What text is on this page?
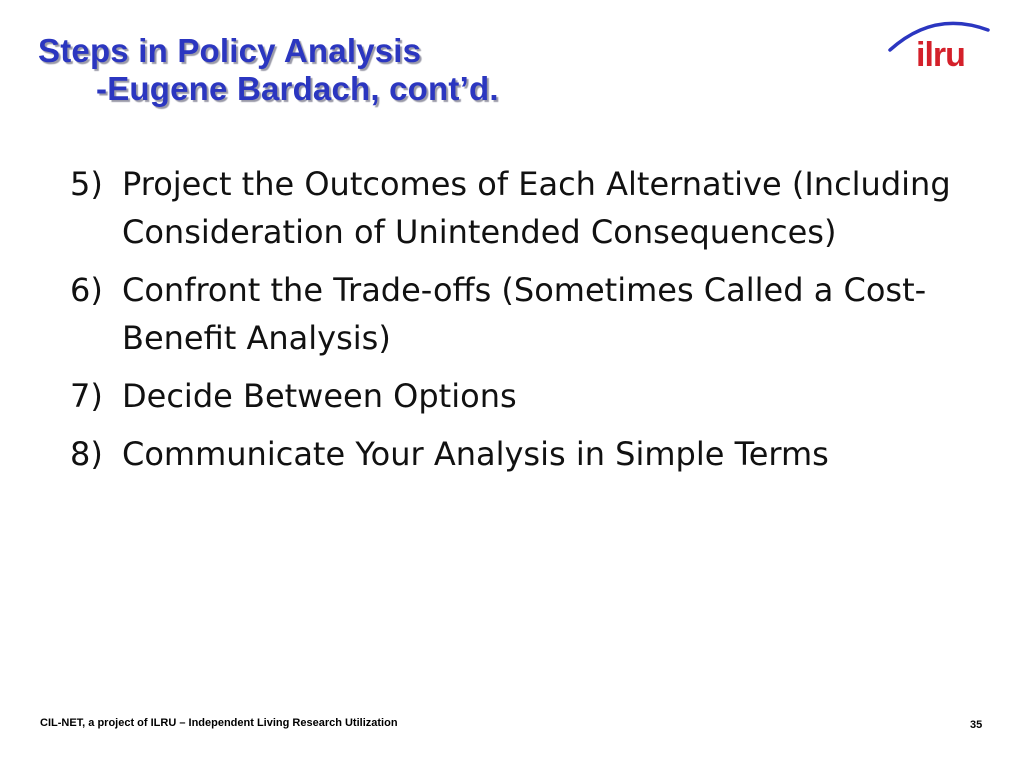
Steps in Policy Analysis
-Eugene Bardach, cont’d.
ilru
5) Project the Outcomes of Each Alternative (Including Consideration of Unintended Consequences)
6) Confront the Trade-offs (Sometimes Called a Cost-Benefit Analysis)
7) Decide Between Options
8) Communicate Your Analysis in Simple Terms
CIL-NET, a project of ILRU – Independent Living Research Utilization	35
